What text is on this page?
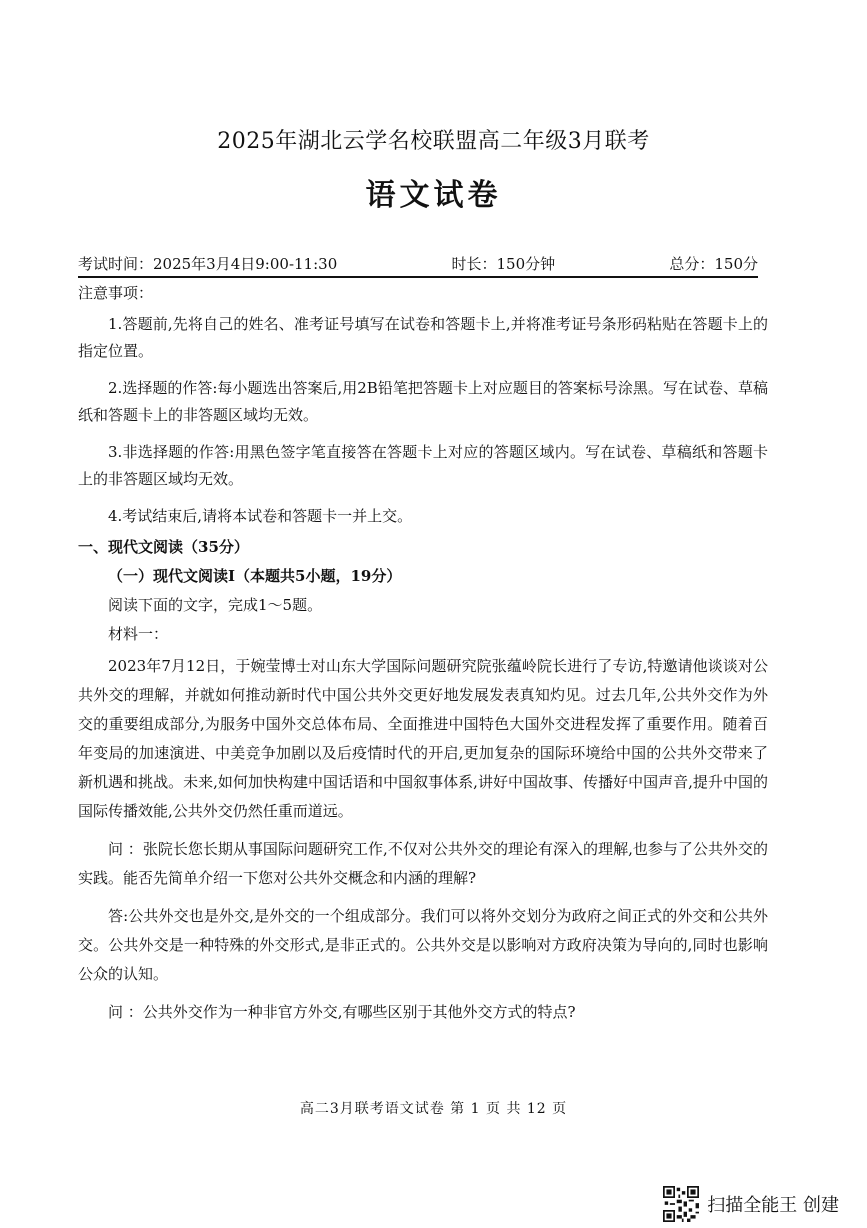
2025年湖北云学名校联盟高二年级3月联考
语文试卷
考试时间：2025年3月4日9:00-11:30	时长：150分钟	总分：150分

注意事项：

1.答题前,先将自己的姓名、准考证号填写在试卷和答题卡上,并将准考证号条形码粘贴在答题卡上的指定位置。

2.选择题的作答:每小题选出答案后,用2B铅笔把答题卡上对应题目的答案标号涂黑。写在试卷、草稿纸和答题卡上的非答题区域均无效。

3.非选择题的作答:用黑色签字笔直接答在答题卡上对应的答题区域内。写在试卷、草稿纸和答题卡上的非答题区域均无效。

4.考试结束后,请将本试卷和答题卡一并上交。

一、现代文阅读（35分）

（一）现代文阅读Ⅰ（本题共5小题，19分）

阅读下面的文字，完成1～5题。

材料一：

2023年7月12日，于婉莹博士对山东大学国际问题研究院张蕴岭院长进行了专访,特邀请他谈谈对公共外交的理解，并就如何推动新时代中国公共外交更好地发展发表真知灼见。过去几年,公共外交作为外交的重要组成部分,为服务中国外交总体布局、全面推进中国特色大国外交进程发挥了重要作用。随着百年变局的加速演进、中美竞争加剧以及后疫情时代的开启,更加复杂的国际环境给中国的公共外交带来了新机遇和挑战。未来,如何加快构建中国话语和中国叙事体系,讲好中国故事、传播好中国声音,提升中国的国际传播效能,公共外交仍然任重而道远。

问 ：张院长您长期从事国际问题研究工作,不仅对公共外交的理论有深入的理解,也参与了公共外交的实践。能否先简单介绍一下您对公共外交概念和内涵的理解?

答:公共外交也是外交,是外交的一个组成部分。我们可以将外交划分为政府之间正式的外交和公共外交。公共外交是一种特殊的外交形式,是非正式的。公共外交是以影响对方政府决策为导向的,同时也影响公众的认知。

问 ：公共外交作为一种非官方外交,有哪些区别于其他外交方式的特点?

高二3月联考语文试卷 第 1 页 共 12 页
扫描全能王 创建
